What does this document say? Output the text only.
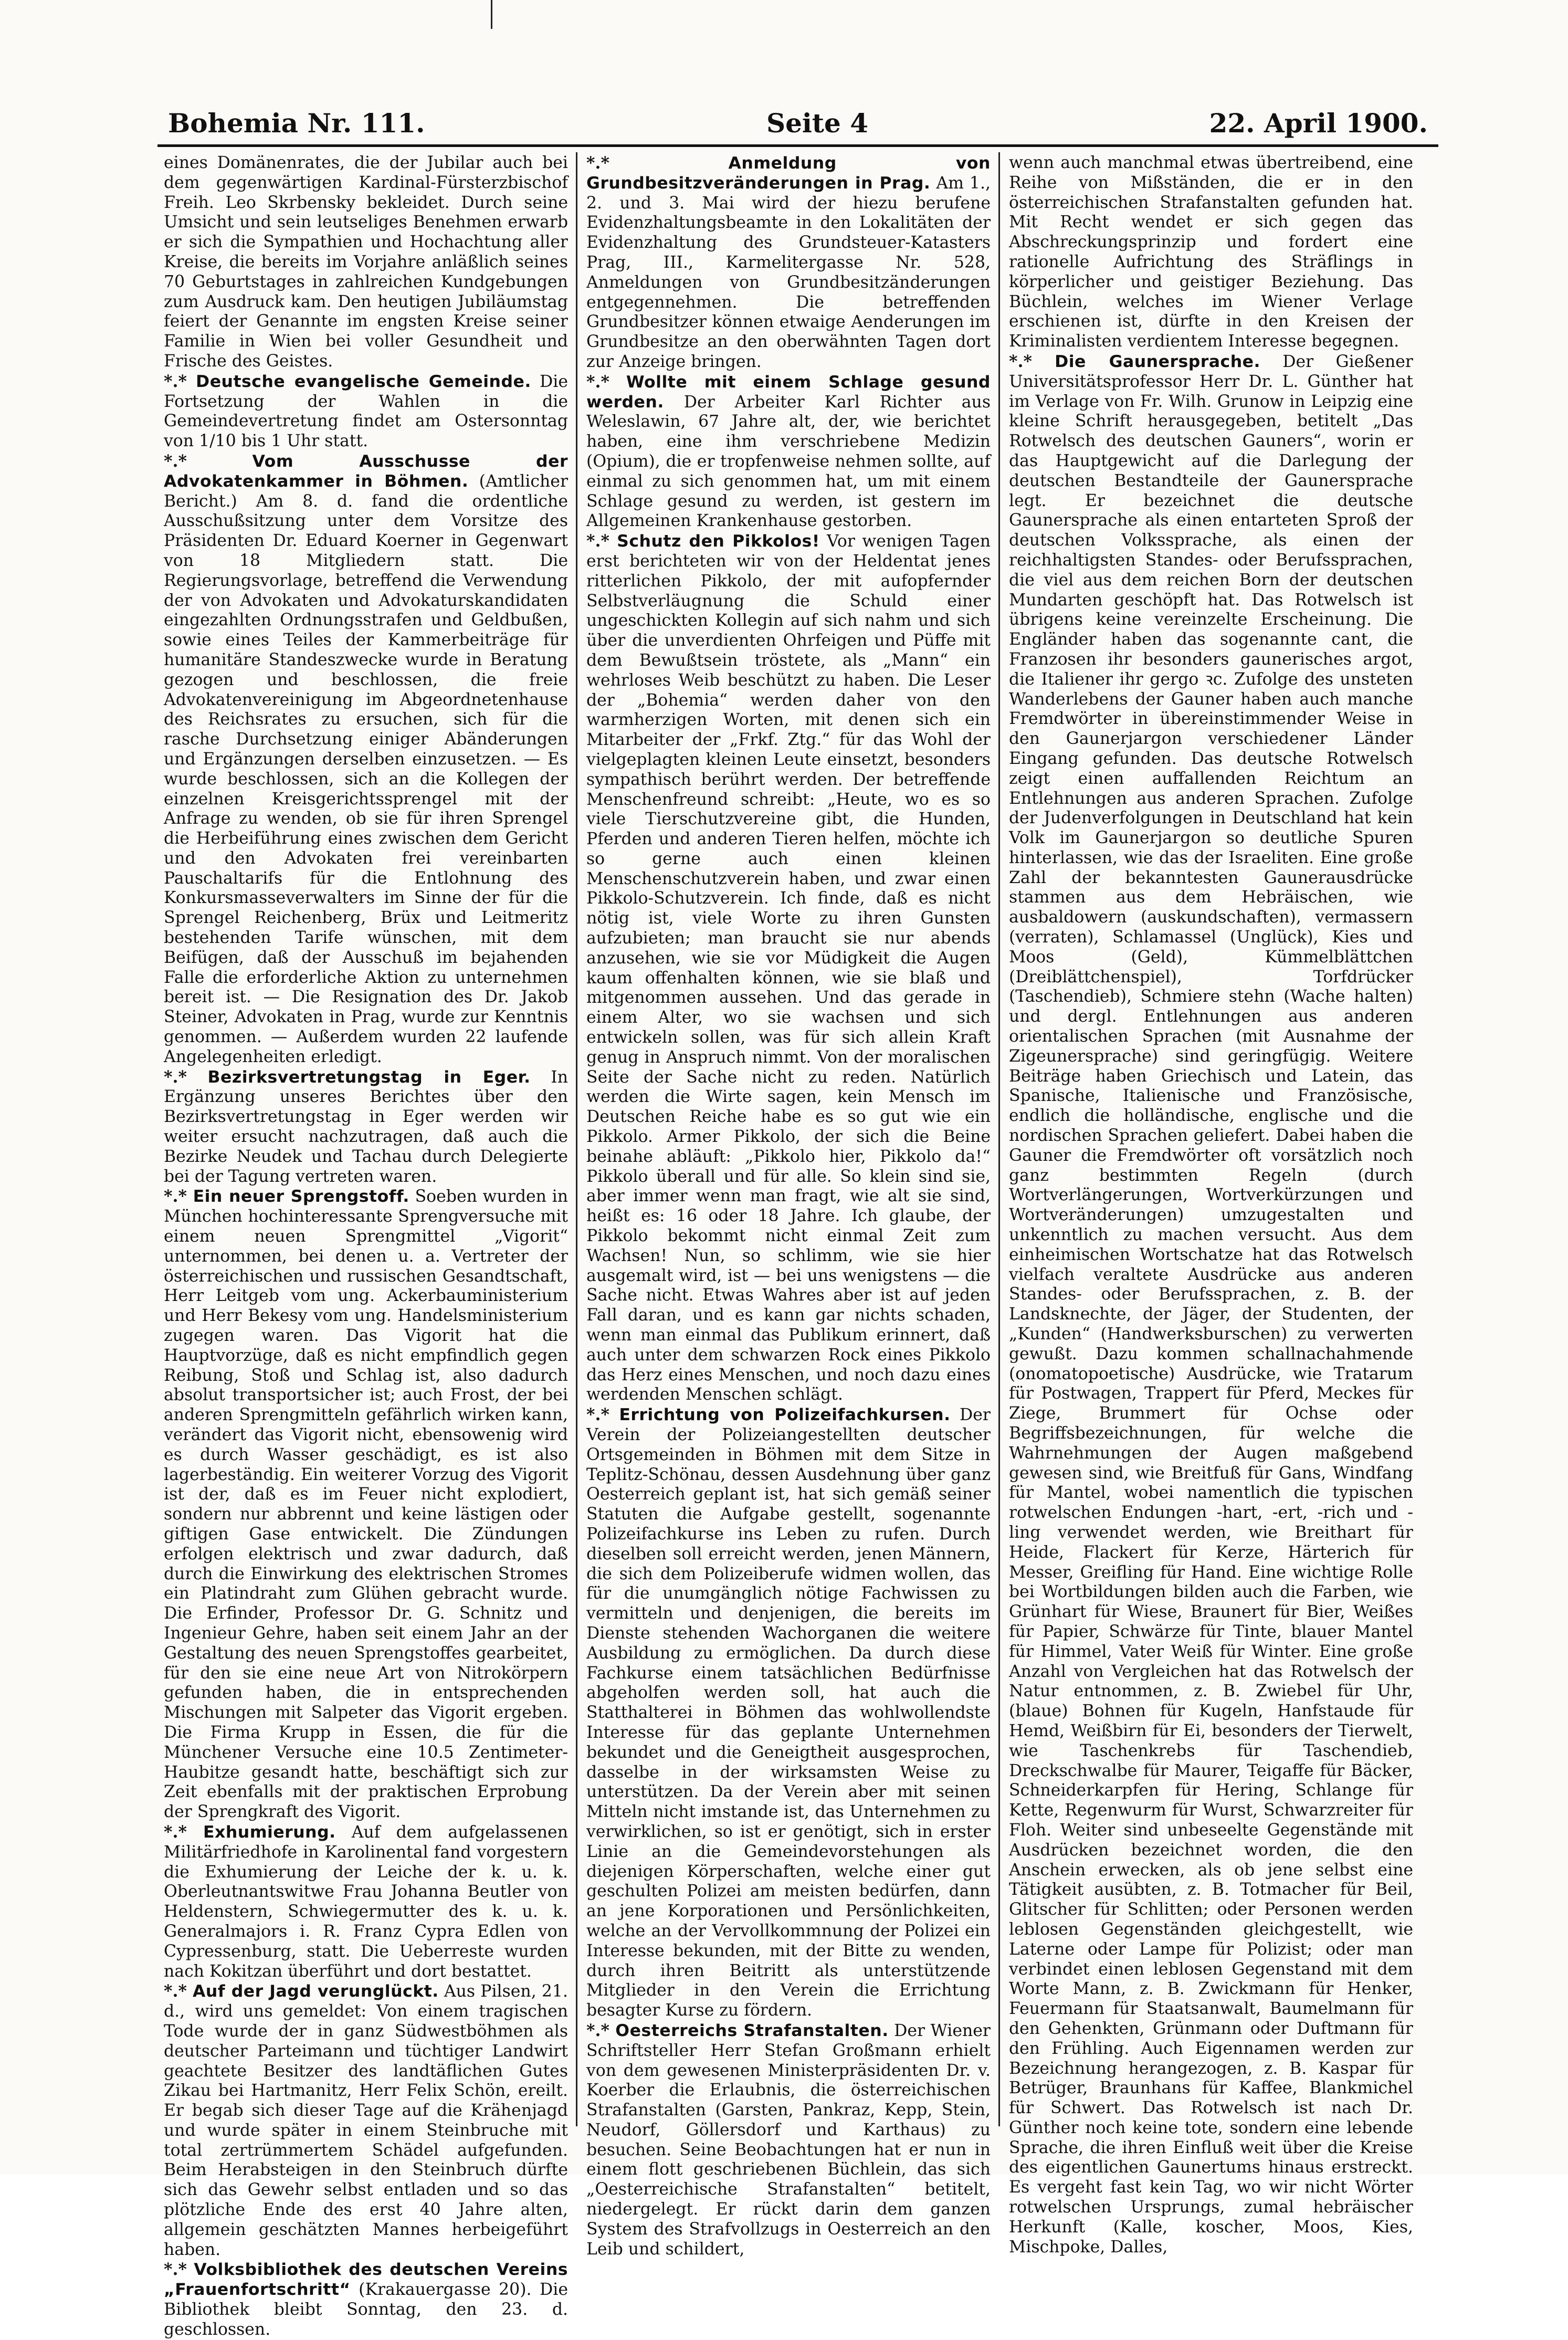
Bohemia Nr. 111.	Seite 4	22. April 1900.

eines Domänenrates, die der Jubilar auch bei dem gegenwärtigen Kardinal-Fürsterzbischof Freih. Leo Skrbensky bekleidet. Durch seine Umsicht und sein leutseliges Benehmen erwarb er sich die Sympathien und Hochachtung aller Kreise, die bereits im Vorjahre anläßlich seines 70 Geburtstages in zahlreichen Kundgebungen zum Ausdruck kam. Den heutigen Jubiläumstag feiert der Genannte im engsten Kreise seiner Familie in Wien bei voller Gesundheit und Frische des Geistes.

*.* Deutsche evangelische Gemeinde. Die Fortsetzung der Wahlen in die Gemeindevertretung findet am Ostersonntag von 1/10 bis 1 Uhr statt.

*.* Vom Ausschusse der Advokatenkammer in Böhmen. (Amtlicher Bericht.) Am 8. d. fand die ordentliche Ausschußsitzung unter dem Vorsitze des Präsidenten Dr. Eduard Koerner in Gegenwart von 18 Mitgliedern statt. Die Regierungsvorlage, betreffend die Verwendung der von Advokaten und Advokaturskandidaten eingezahlten Ordnungsstrafen und Geldbußen, sowie eines Teiles der Kammerbeiträge für humanitäre Standeszwecke wurde in Beratung gezogen und beschlossen, die freie Advokatenvereinigung im Abgeordnetenhause des Reichsrates zu ersuchen, sich für die rasche Durchsetzung einiger Abänderungen und Ergänzungen derselben einzusetzen. — Es wurde beschlossen, sich an die Kollegen der einzelnen Kreisgerichtssprengel mit der Anfrage zu wenden, ob sie für ihren Sprengel die Herbeiführung eines zwischen dem Gericht und den Advokaten frei vereinbarten Pauschaltarifs für die Entlohnung des Konkursmasseverwalters im Sinne der für die Sprengel Reichenberg, Brüx und Leitmeritz bestehenden Tarife wünschen, mit dem Beifügen, daß der Ausschuß im bejahenden Falle die erforderliche Aktion zu unternehmen bereit ist. — Die Resignation des Dr. Jakob Steiner, Advokaten in Prag, wurde zur Kenntnis genommen. — Außerdem wurden 22 laufende Angelegenheiten erledigt.

*.* Bezirksvertretungstag in Eger. In Ergänzung unseres Berichtes über den Bezirksvertretungstag in Eger werden wir weiter ersucht nachzutragen, daß auch die Bezirke Neudek und Tachau durch Delegierte bei der Tagung vertreten waren.

*.* Ein neuer Sprengstoff. Soeben wurden in München hochinteressante Sprengversuche mit einem neuen Sprengmittel „Vigorit“ unternommen, bei denen u. a. Vertreter der österreichischen und russischen Gesandtschaft, Herr Leitgeb vom ung. Ackerbauministerium und Herr Bekesy vom ung. Handelsministerium zugegen waren. Das Vigorit hat die Hauptvorzüge, daß es nicht empfindlich gegen Reibung, Stoß und Schlag ist, also dadurch absolut transportsicher ist; auch Frost, der bei anderen Sprengmitteln gefährlich wirken kann, verändert das Vigorit nicht, ebensowenig wird es durch Wasser geschädigt, es ist also lagerbeständig. Ein weiterer Vorzug des Vigorit ist der, daß es im Feuer nicht explodiert, sondern nur abbrennt und keine lästigen oder giftigen Gase entwickelt. Die Zündungen erfolgen elektrisch und zwar dadurch, daß durch die Einwirkung des elektrischen Stromes ein Platindraht zum Glühen gebracht wurde. Die Erfinder, Professor Dr. G. Schnitz und Ingenieur Gehre, haben seit einem Jahr an der Gestaltung des neuen Sprengstoffes gearbeitet, für den sie eine neue Art von Nitrokörpern gefunden haben, die in entsprechenden Mischungen mit Salpeter das Vigorit ergeben. Die Firma Krupp in Essen, die für die Münchener Versuche eine 10.5 Zentimeter-Haubitze gesandt hatte, beschäftigt sich zur Zeit ebenfalls mit der praktischen Erprobung der Sprengkraft des Vigorit.

*.* Exhumierung. Auf dem aufgelassenen Militärfriedhofe in Karolinental fand vorgestern die Exhumierung der Leiche der k. u. k. Oberleutnantswitwe Frau Johanna Beutler von Heldenstern, Schwiegermutter des k. u. k. Generalmajors i. R. Franz Cypra Edlen von Cypressenburg, statt. Die Ueberreste wurden nach Kokitzan überführt und dort bestattet.

*.* Auf der Jagd verunglückt. Aus Pilsen, 21. d., wird uns gemeldet: Von einem tragischen Tode wurde der in ganz Südwestböhmen als deutscher Parteimann und tüchtiger Landwirt geachtete Besitzer des landtäflichen Gutes Zikau bei Hartmanitz, Herr Felix Schön, ereilt. Er begab sich dieser Tage auf die Krähenjagd und wurde später in einem Steinbruche mit total zertrümmertem Schädel aufgefunden. Beim Herabsteigen in den Steinbruch dürfte sich das Gewehr selbst entladen und so das plötzliche Ende des erst 40 Jahre alten, allgemein geschätzten Mannes herbeigeführt haben.

*.* Volksbibliothek des deutschen Vereins „Frauenfortschritt“ (Krakauergasse 20). Die Bibliothek bleibt Sonntag, den 23. d. geschlossen.

*.* Anmeldung von Grundbesitzveränderungen in Prag. Am 1., 2. und 3. Mai wird der hiezu berufene Evidenzhaltungsbeamte in den Lokalitäten der Evidenzhaltung des Grundsteuer-Katasters Prag, III., Karmelitergasse Nr. 528, Anmeldungen von Grundbesitzänderungen entgegennehmen. Die betreffenden Grundbesitzer können etwaige Aenderungen im Grundbesitze an den oberwähnten Tagen dort zur Anzeige bringen.

*.* Wollte mit einem Schlage gesund werden. Der Arbeiter Karl Richter aus Weleslawin, 67 Jahre alt, der, wie berichtet haben, eine ihm verschriebene Medizin (Opium), die er tropfenweise nehmen sollte, auf einmal zu sich genommen hat, um mit einem Schlage gesund zu werden, ist gestern im Allgemeinen Krankenhause gestorben.

*.* Schutz den Pikkolos! Vor wenigen Tagen erst berichteten wir von der Heldentat jenes ritterlichen Pikkolo, der mit aufopfernder Selbstverläugnung die Schuld einer ungeschickten Kollegin auf sich nahm und sich über die unverdienten Ohrfeigen und Püffe mit dem Bewußtsein tröstete, als „Mann“ ein wehrloses Weib beschützt zu haben. Die Leser der „Bohemia“ werden daher von den warmherzigen Worten, mit denen sich ein Mitarbeiter der „Frkf. Ztg.“ für das Wohl der vielgeplagten kleinen Leute einsetzt, besonders sympathisch berührt werden. Der betreffende Menschenfreund schreibt: „Heute, wo es so viele Tierschutzvereine gibt, die Hunden, Pferden und anderen Tieren helfen, möchte ich so gerne auch einen kleinen Menschenschutzverein haben, und zwar einen Pikkolo-Schutzverein. Ich finde, daß es nicht nötig ist, viele Worte zu ihren Gunsten aufzubieten; man braucht sie nur abends anzusehen, wie sie vor Müdigkeit die Augen kaum offenhalten können, wie sie blaß und mitgenommen aussehen. Und das gerade in einem Alter, wo sie wachsen und sich entwickeln sollen, was für sich allein Kraft genug in Anspruch nimmt. Von der moralischen Seite der Sache nicht zu reden. Natürlich werden die Wirte sagen, kein Mensch im Deutschen Reiche habe es so gut wie ein Pikkolo. Armer Pikkolo, der sich die Beine beinahe abläuft: „Pikkolo hier, Pikkolo da!“ Pikkolo überall und für alle. So klein sind sie, aber immer wenn man fragt, wie alt sie sind, heißt es: 16 oder 18 Jahre. Ich glaube, der Pikkolo bekommt nicht einmal Zeit zum Wachsen! Nun, so schlimm, wie sie hier ausgemalt wird, ist — bei uns wenigstens — die Sache nicht. Etwas Wahres aber ist auf jeden Fall daran, und es kann gar nichts schaden, wenn man einmal das Publikum erinnert, daß auch unter dem schwarzen Rock eines Pikkolo das Herz eines Menschen, und noch dazu eines werdenden Menschen schlägt.

*.* Errichtung von Polizeifachkursen. Der Verein der Polizeiangestellten deutscher Ortsgemeinden in Böhmen mit dem Sitze in Teplitz-Schönau, dessen Ausdehnung über ganz Oesterreich geplant ist, hat sich gemäß seiner Statuten die Aufgabe gestellt, sogenannte Polizeifachkurse ins Leben zu rufen. Durch dieselben soll erreicht werden, jenen Männern, die sich dem Polizeiberufe widmen wollen, das für die unumgänglich nötige Fachwissen zu vermitteln und denjenigen, die bereits im Dienste stehenden Wachorganen die weitere Ausbildung zu ermöglichen. Da durch diese Fachkurse einem tatsächlichen Bedürfnisse abgeholfen werden soll, hat auch die Statthalterei in Böhmen das wohlwollendste Interesse für das geplante Unternehmen bekundet und die Geneigtheit ausgesprochen, dasselbe in der wirksamsten Weise zu unterstützen. Da der Verein aber mit seinen Mitteln nicht imstande ist, das Unternehmen zu verwirklichen, so ist er genötigt, sich in erster Linie an die Gemeindevorstehungen als diejenigen Körperschaften, welche einer gut geschulten Polizei am meisten bedürfen, dann an jene Korporationen und Persönlichkeiten, welche an der Vervollkommnung der Polizei ein Interesse bekunden, mit der Bitte zu wenden, durch ihren Beitritt als unterstützende Mitglieder in den Verein die Errichtung besagter Kurse zu fördern.

*.* Oesterreichs Strafanstalten. Der Wiener Schriftsteller Herr Stefan Großmann erhielt von dem gewesenen Ministerpräsidenten Dr. v. Koerber die Erlaubnis, die österreichischen Strafanstalten (Garsten, Pankraz, Kepp, Stein, Neudorf, Göllersdorf und Karthaus) zu besuchen. Seine Beobachtungen hat er nun in einem flott geschriebenen Büchlein, das sich „Oesterreichische Strafanstalten“ betitelt, niedergelegt. Er rückt darin dem ganzen System des Strafvollzugs in Oesterreich an den Leib und schildert,

wenn auch manchmal etwas übertreibend, eine Reihe von Mißständen, die er in den österreichischen Strafanstalten gefunden hat. Mit Recht wendet er sich gegen das Abschreckungsprinzip und fordert eine rationelle Aufrichtung des Sträflings in körperlicher und geistiger Beziehung. Das Büchlein, welches im Wiener Verlage erschienen ist, dürfte in den Kreisen der Kriminalisten verdientem Interesse begegnen.

*.* Die Gaunersprache. Der Gießener Universitätsprofessor Herr Dr. L. Günther hat im Verlage von Fr. Wilh. Grunow in Leipzig eine kleine Schrift herausgegeben, betitelt „Das Rotwelsch des deutschen Gauners“, worin er das Hauptgewicht auf die Darlegung der deutschen Bestandteile der Gaunersprache legt. Er bezeichnet die deutsche Gaunersprache als einen entarteten Sproß der deutschen Volkssprache, als einen der reichhaltigsten Standes- oder Berufssprachen, die viel aus dem reichen Born der deutschen Mundarten geschöpft hat. Das Rotwelsch ist übrigens keine vereinzelte Erscheinung. Die Engländer haben das sogenannte cant, die Franzosen ihr besonders gaunerisches argot, die Italiener ihr gergo ꝛc. Zufolge des unsteten Wanderlebens der Gauner haben auch manche Fremdwörter in übereinstimmender Weise in den Gaunerjargon verschiedener Länder Eingang gefunden. Das deutsche Rotwelsch zeigt einen auffallenden Reichtum an Entlehnungen aus anderen Sprachen. Zufolge der Judenverfolgungen in Deutschland hat kein Volk im Gaunerjargon so deutliche Spuren hinterlassen, wie das der Israeliten. Eine große Zahl der bekanntesten Gaunerausdrücke stammen aus dem Hebräischen, wie ausbaldowern (auskundschaften), vermassern (verraten), Schlamassel (Unglück), Kies und Moos (Geld), Kümmelblättchen (Dreiblättchenspiel), Torfdrücker (Taschendieb), Schmiere stehn (Wache halten) und dergl. Entlehnungen aus anderen orientalischen Sprachen (mit Ausnahme der Zigeunersprache) sind geringfügig. Weitere Beiträge haben Griechisch und Latein, das Spanische, Italienische und Französische, endlich die holländische, englische und die nordischen Sprachen geliefert. Dabei haben die Gauner die Fremdwörter oft vorsätzlich noch ganz bestimmten Regeln (durch Wortverlängerungen, Wortverkürzungen und Wortveränderungen) umzugestalten und unkenntlich zu machen versucht. Aus dem einheimischen Wortschatze hat das Rotwelsch vielfach veraltete Ausdrücke aus anderen Standes- oder Berufssprachen, z. B. der Landsknechte, der Jäger, der Studenten, der „Kunden“ (Handwerksburschen) zu verwerten gewußt. Dazu kommen schallnachahmende (onomatopoetische) Ausdrücke, wie Tratarum für Postwagen, Trappert für Pferd, Meckes für Ziege, Brummert für Ochse oder Begriffsbezeichnungen, für welche die Wahrnehmungen der Augen maßgebend gewesen sind, wie Breitfuß für Gans, Windfang für Mantel, wobei namentlich die typischen rotwelschen Endungen -hart, -ert, -rich und -ling verwendet werden, wie Breithart für Heide, Flackert für Kerze, Härterich für Messer, Greifling für Hand. Eine wichtige Rolle bei Wortbildungen bilden auch die Farben, wie Grünhart für Wiese, Braunert für Bier, Weißes für Papier, Schwärze für Tinte, blauer Mantel für Himmel, Vater Weiß für Winter. Eine große Anzahl von Vergleichen hat das Rotwelsch der Natur entnommen, z. B. Zwiebel für Uhr, (blaue) Bohnen für Kugeln, Hanfstaude für Hemd, Weißbirn für Ei, besonders der Tierwelt, wie Taschenkrebs für Taschendieb, Dreckschwalbe für Maurer, Teigaffe für Bäcker, Schneiderkarpfen für Hering, Schlange für Kette, Regenwurm für Wurst, Schwarzreiter für Floh. Weiter sind unbeseelte Gegenstände mit Ausdrücken bezeichnet worden, die den Anschein erwecken, als ob jene selbst eine Tätigkeit ausübten, z. B. Totmacher für Beil, Glitscher für Schlitten; oder Personen werden leblosen Gegenständen gleichgestellt, wie Laterne oder Lampe für Polizist; oder man verbindet einen leblosen Gegenstand mit dem Worte Mann, z. B. Zwickmann für Henker, Feuermann für Staatsanwalt, Baumelmann für den Gehenkten, Grünmann oder Duftmann für den Frühling. Auch Eigennamen werden zur Bezeichnung herangezogen, z. B. Kaspar für Betrüger, Braunhans für Kaffee, Blankmichel für Schwert. Das Rotwelsch ist nach Dr. Günther noch keine tote, sondern eine lebende Sprache, die ihren Einfluß weit über die Kreise des eigentlichen Gaunertums hinaus erstreckt. Es vergeht fast kein Tag, wo wir nicht Wörter rotwelschen Ursprungs, zumal hebräischer Herkunft (Kalle, koscher, Moos, Kies, Mischpoke, Dalles,
